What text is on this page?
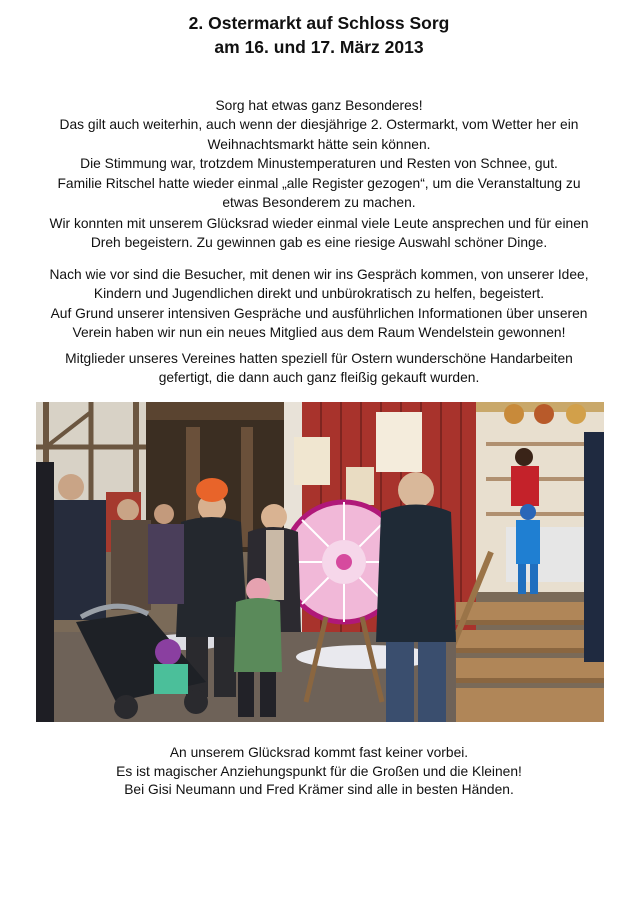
2. Ostermarkt auf Schloss Sorg
am 16. und 17. März 2013
Sorg hat etwas ganz Besonderes!
Das gilt auch weiterhin, auch wenn der diesjährige 2. Ostermarkt, vom Wetter her ein
Weihnachtsmarkt hätte sein können.
Die Stimmung war, trotzdem Minustemperaturen und Resten von Schnee, gut.
Familie Ritschel hatte wieder einmal „alle Register gezogen“, um die Veranstaltung zu
etwas Besonderem zu machen.
Wir konnten mit unserem Glücksrad wieder einmal viele Leute ansprechen und für einen
Dreh begeistern. Zu gewinnen gab es eine riesige Auswahl schöner Dinge.
Nach wie vor sind die Besucher, mit denen wir ins Gespräch kommen, von unserer Idee,
Kindern und Jugendlichen direkt und unbürokratisch zu helfen, begeistert.
Auf Grund unserer intensiven Gespräche und ausführlichen Informationen über unseren
Verein haben wir nun ein neues Mitglied aus dem Raum Wendelstein gewonnen!
Mitglieder unseres Vereines hatten speziell für Ostern wunderschöne Handarbeiten
gefertigt, die dann auch ganz fleißig gekauft wurden.
An unserem Glücksrad kommt fast keiner vorbei.
Es ist magischer Anziehungspunkt für die Großen und die Kleinen!
Bei Gisi Neumann und Fred Krämer sind alle in besten Händen.
